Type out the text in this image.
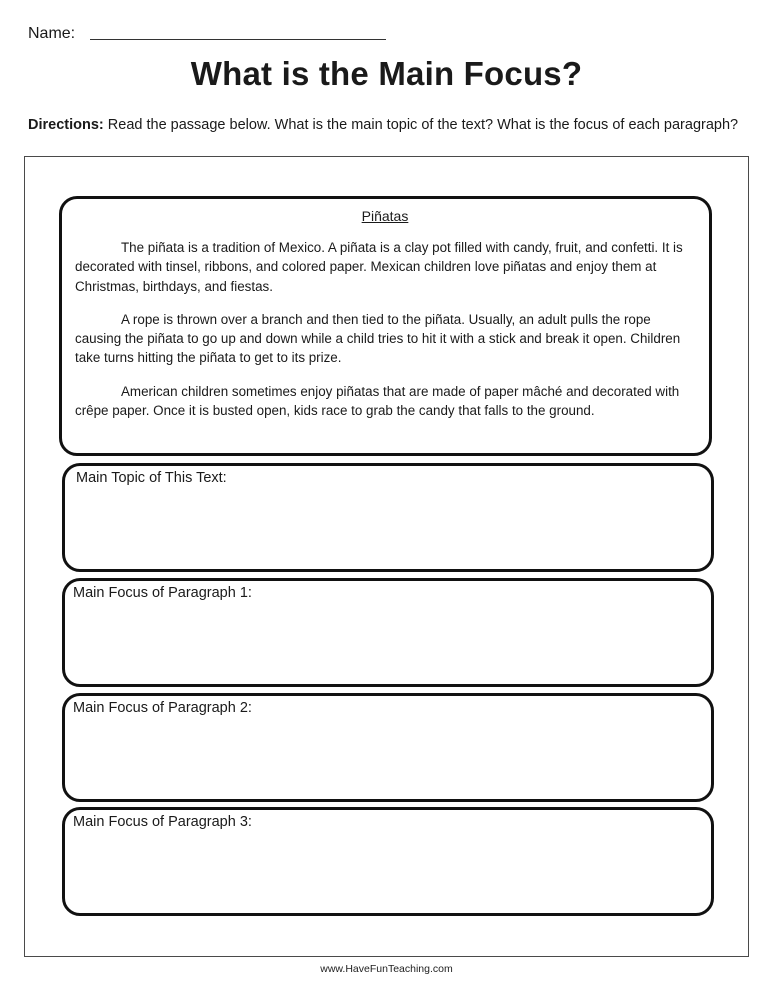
Name:
What is the Main Focus?
Directions: Read the passage below. What is the main topic of the text? What is the focus of each paragraph?
Piñatas

The piñata is a tradition of Mexico. A piñata is a clay pot filled with candy, fruit, and confetti. It is decorated with tinsel, ribbons, and colored paper. Mexican children love piñatas and enjoy them at Christmas, birthdays, and fiestas.

A rope is thrown over a branch and then tied to the piñata. Usually, an adult pulls the rope causing the piñata to go up and down while a child tries to hit it with a stick and break it open. Children take turns hitting the piñata to get to its prize.

American children sometimes enjoy piñatas that are made of paper mâché and decorated with crêpe paper. Once it is busted open, kids race to grab the candy that falls to the ground.

Main Topic of This Text:
Main Focus of Paragraph 1:
Main Focus of Paragraph 2:
Main Focus of Paragraph 3:
www.HaveFunTeaching.com
